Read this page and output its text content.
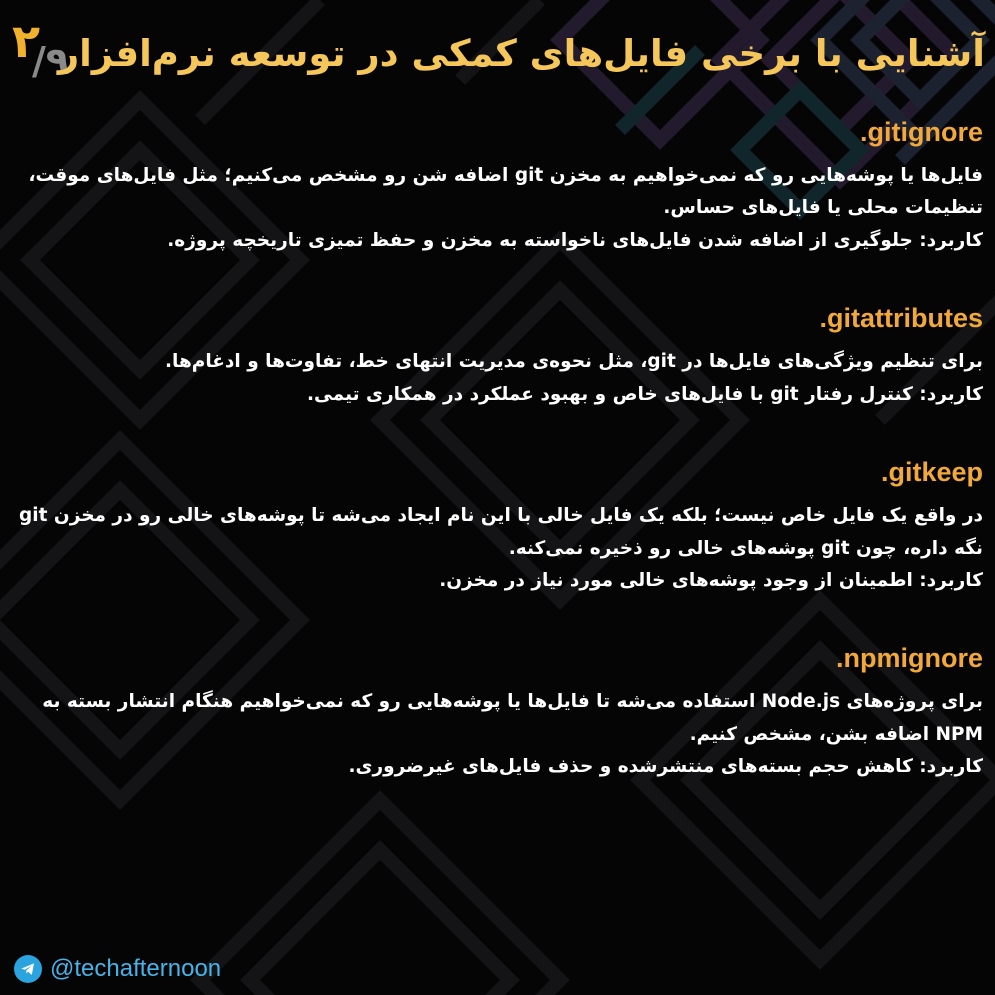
۲
/۹
آشنایی با برخی فایل‌های کمکی در توسعه نرم‌افزار
.gitignore

فایل‌ها یا پوشه‌هایی رو که نمی‌خواهیم به مخزن git اضافه شن رو مشخص می‌کنیم؛ مثل فایل‌های موقت، تنظیمات محلی یا فایل‌های حساس.

کاربرد: جلوگیری از اضافه شدن فایل‌های ناخواسته به مخزن و حفظ تمیزی تاریخچه پروژه.

.gitattributes

برای تنظیم ویژگی‌های فایل‌ها در git، مثل نحوه‌ی مدیریت انتهای خط، تفاوت‌ها و ادغام‌ها.

کاربرد: کنترل رفتار git با فایل‌های خاص و بهبود عملکرد در همکاری تیمی.

.gitkeep

در واقع یک فایل خاص نیست؛ بلکه یک فایل خالی با این نام ایجاد می‌شه تا پوشه‌های خالی رو در مخزن git نگه داره، چون git پوشه‌های خالی رو ذخیره نمی‌کنه.

کاربرد: اطمینان از وجود پوشه‌های خالی مورد نیاز در مخزن.

.npmignore

برای پروژه‌های Node.js استفاده می‌شه تا فایل‌ها یا پوشه‌هایی رو که نمی‌خواهیم هنگام انتشار بسته به NPM اضافه بشن، مشخص کنیم.

کاربرد: کاهش حجم بسته‌های منتشرشده و حذف فایل‌های غیرضروری.

@techafternoon
